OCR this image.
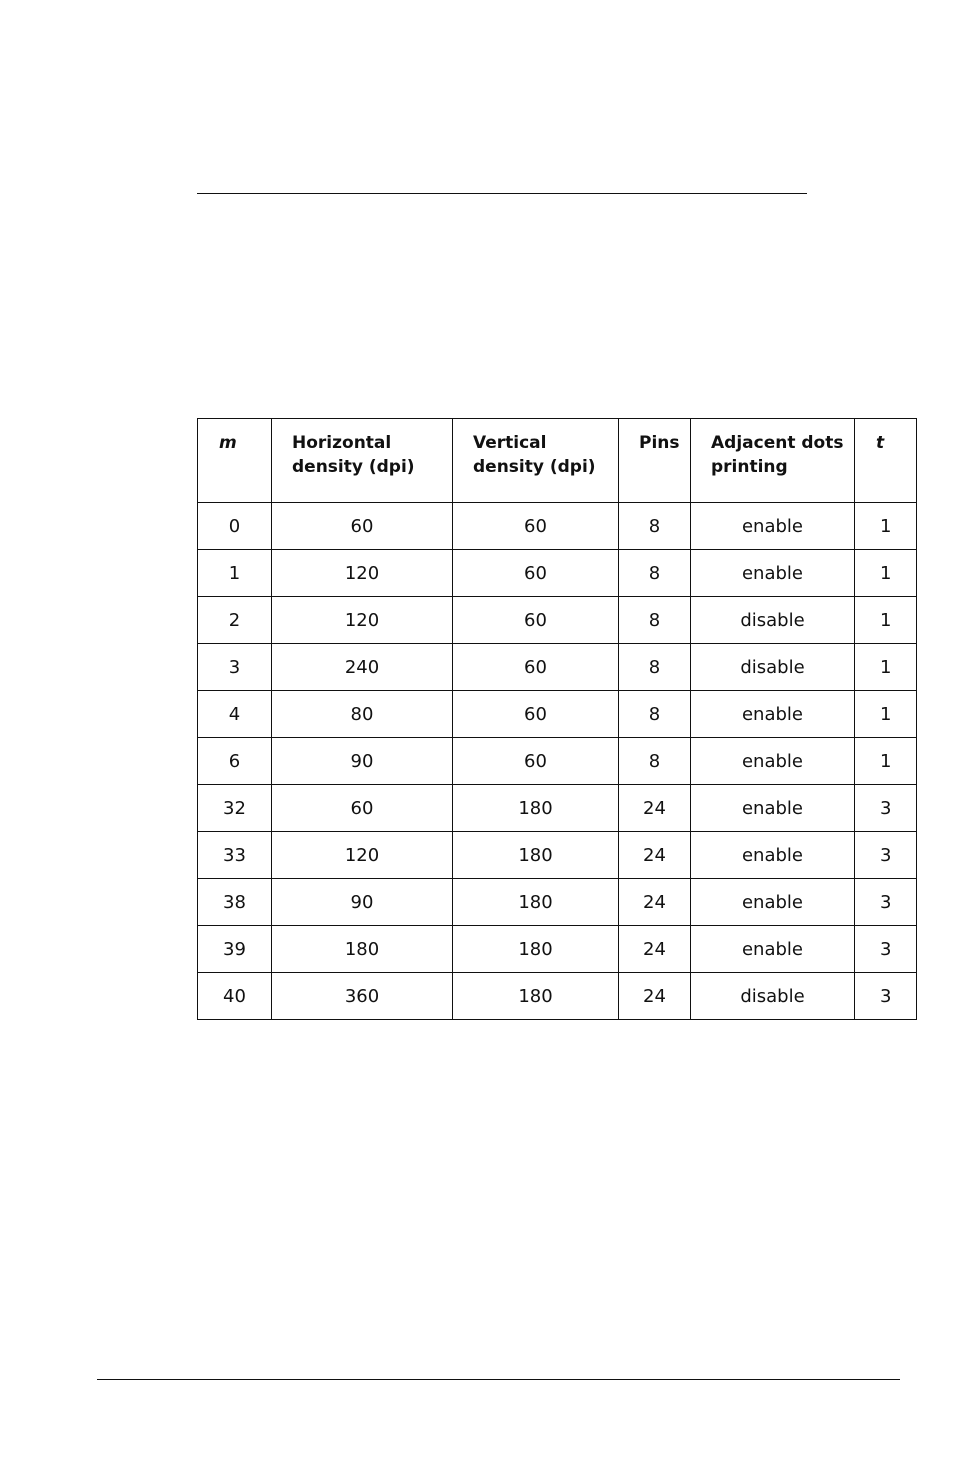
m	Horizontal density (dpi)	Vertical density (dpi)	Pins	Adjacent dots printing	t
0	60	60	8	enable	1
1	120	60	8	enable	1
2	120	60	8	disable	1
3	240	60	8	disable	1
4	80	60	8	enable	1
6	90	60	8	enable	1
32	60	180	24	enable	3
33	120	180	24	enable	3
38	90	180	24	enable	3
39	180	180	24	enable	3
40	360	180	24	disable	3
